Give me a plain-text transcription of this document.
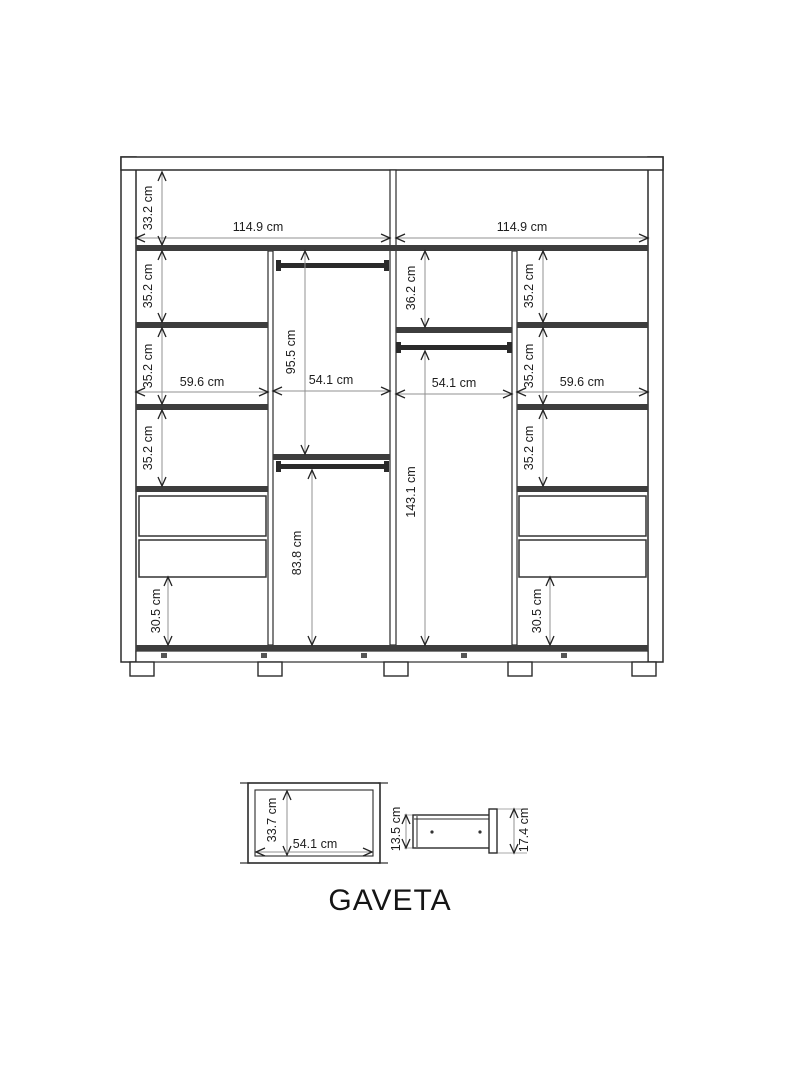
114.9 cm	114.9 cm
33.2 cm
35.2 cm
35.2 cm
35.2 cm
30.5 cm
59.6 cm	54.1 cm
95.5 cm
83.8 cm
54.1 cm
36.2 cm
143.1 cm
35.2 cm
35.2 cm
35.2 cm
30.5 cm
59.6 cm
33.7 cm
54.1 cm	13.5 cm	17.4 cm
GAVETA
